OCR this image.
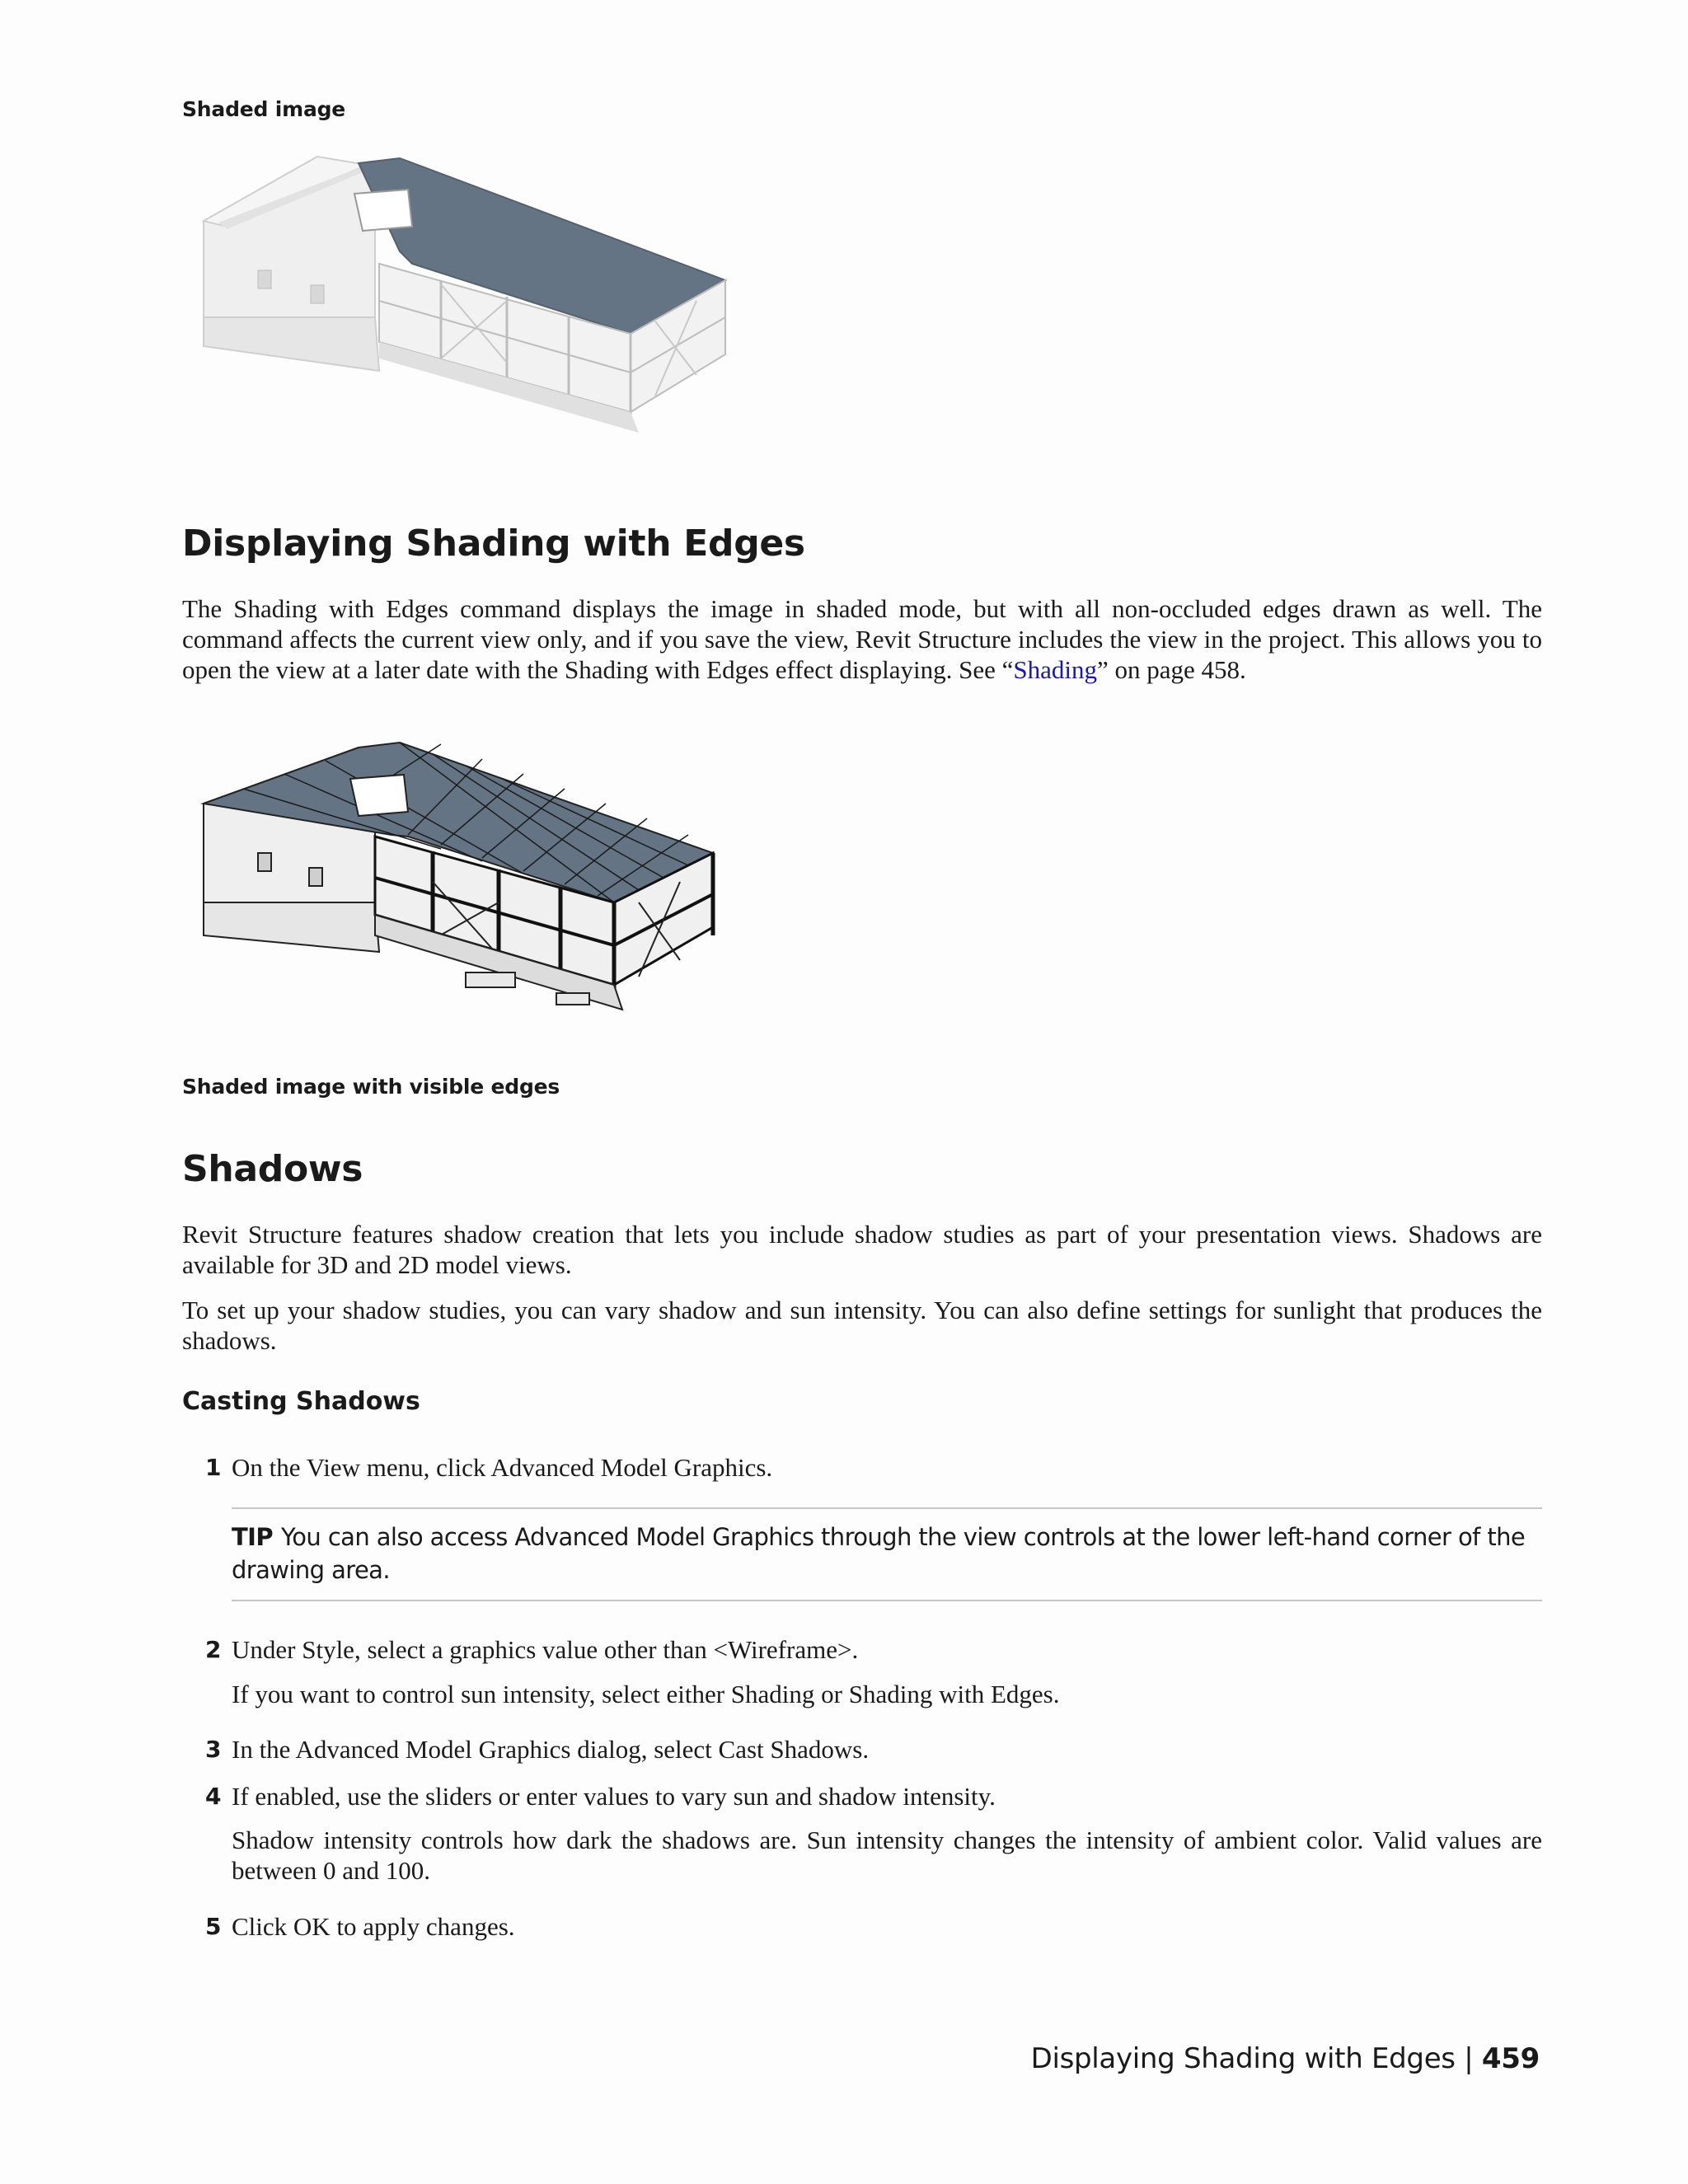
Shaded image
Displaying Shading with Edges
The Shading with Edges command displays the image in shaded mode, but with all non-occluded edges drawn as well. The command affects the current view only, and if you save the view, Revit Structure includes the view in the project. This allows you to open the view at a later date with the Shading with Edges effect displaying. See “Shading” on page 458.
Shaded image with visible edges
Shadows
Revit Structure features shadow creation that lets you include shadow studies as part of your presentation views. Shadows are available for 3D and 2D model views.
To set up your shadow studies, you can vary shadow and sun intensity. You can also define settings for sunlight that produces the shadows.
Casting Shadows
1 On the View menu, click Advanced Model Graphics.
TIP You can also access Advanced Model Graphics through the view controls at the lower left-hand corner of the drawing area.
2 Under Style, select a graphics value other than <Wireframe>.
If you want to control sun intensity, select either Shading or Shading with Edges.
3 In the Advanced Model Graphics dialog, select Cast Shadows.
4 If enabled, use the sliders or enter values to vary sun and shadow intensity.
Shadow intensity controls how dark the shadows are. Sun intensity changes the intensity of ambient color. Valid values are between 0 and 100.
5 Click OK to apply changes.
Displaying Shading with Edges | 459
